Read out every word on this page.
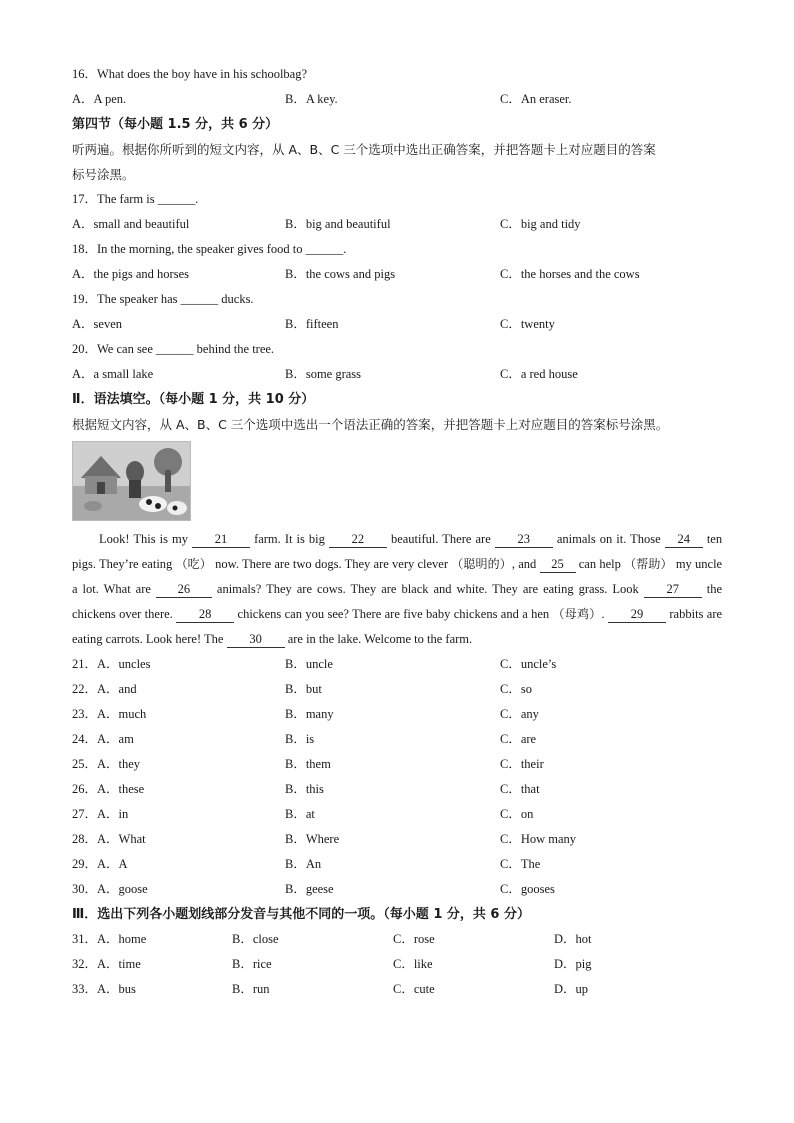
16．What does the boy have in his schoolbag?
A．A pen.	B．A key.	C．An eraser.
第四节（每小题 1.5 分，共 6 分）
听两遍。根据你所听到的短文内容，从 A、B、C 三个选项中选出正确答案，并把答题卡上对应题目的答案
标号涂黑。
17．The farm is ______.
A．small and beautiful	B．big and beautiful	C．big and tidy
18．In the morning, the speaker gives food to ______.
A．the pigs and horses	B．the cows and pigs	C．the horses and the cows
19．The speaker has ______ ducks.
A．seven	B．fifteen	C．twenty
20．We can see ______ behind the tree.
A．a small lake	B．some grass	C．a red house
Ⅱ．语法填空。（每小题 1 分，共 10 分）
根据短文内容，从 A、B、C 三个选项中选出一个语法正确的答案，并把答题卡上对应题目的答案标号涂黑。
Look! This is my 21 farm. It is big 22 beautiful. There are 23 animals on it. Those 24 ten pigs. They’re eating （吃） now. There are two dogs. They are very clever （聪明的）, and 25 can help （帮助） my uncle a lot. What are 26 animals? They are cows. They are black and white. They are eating grass. Look 27 the chickens over there. 28 chickens can you see? There are five baby chickens and a hen （母鸡）. 29 rabbits are eating carrots. Look here! The 30 are in the lake. Welcome to the farm.
21．A．uncles	B．uncle	C．uncle’s
22．A．and	B．but	C．so
23．A．much	B．many	C．any
24．A．am	B．is	C．are
25．A．they	B．them	C．their
26．A．these	B．this	C．that
27．A．in	B．at	C．on
28．A．What	B．Where	C．How many
29．A．A	B．An	C．The
30．A．goose	B．geese	C．gooses
Ⅲ．选出下列各小题划线部分发音与其他不同的一项。（每小题 1 分，共 6 分）
31．A．home	B．close	C．rose	D．hot
32．A．time	B．rice	C．like	D．pig
33．A．bus	B．run	C．cute	D．up
